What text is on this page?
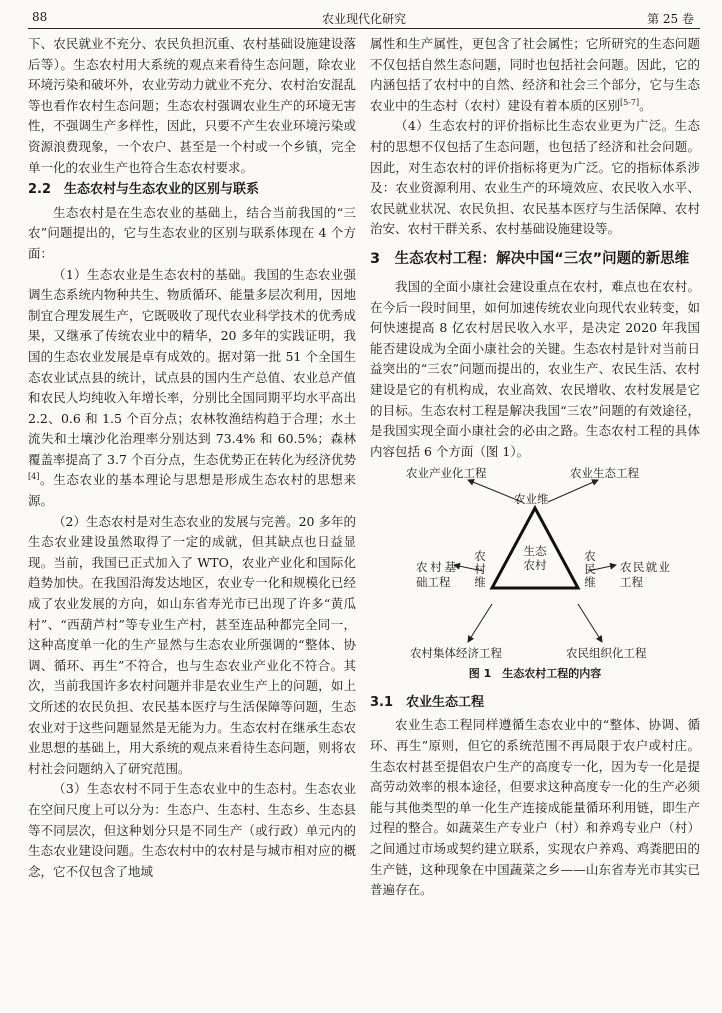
88	农业现代化研究	第 25 卷

下、农民就业不充分、农民负担沉重、农村基础设施建设落后等）。生态农村用大系统的观点来看待生态问题，除农业环境污染和破坏外，农业劳动力就业不充分、农村治安混乱等也看作农村生态问题；生态农村强调农业生产的环境无害性，不强调生产多样性，因此，只要不产生农业环境污染或资源浪费现象，一个农户、甚至是一个村或一个乡镇，完全单一化的农业生产也符合生态农村要求。

2.2　生态农村与生态农业的区别与联系

生态农村是在生态农业的基础上，结合当前我国的“三农”问题提出的，它与生态农业的区别与联系体现在 4 个方面：

（1）生态农业是生态农村的基础。我国的生态农业强调生态系统内物种共生、物质循环、能量多层次利用，因地制宜合理发展生产，它既吸收了现代农业科学技术的优秀成果，又继承了传统农业中的精华，20 多年的实践证明，我国的生态农业发展是卓有成效的。据对第一批 51 个全国生态农业试点县的统计，试点县的国内生产总值、农业总产值和农民人均纯收入年增长率，分别比全国同期平均水平高出 2.2、0.6 和 1.5 个百分点；农林牧渔结构趋于合理；水土流失和土壤沙化治理率分别达到 73.4% 和 60.5%；森林覆盖率提高了 3.7 个百分点，生态优势正在转化为经济优势[4]。生态农业的基本理论与思想是形成生态农村的思想来源。

（2）生态农村是对生态农业的发展与完善。20 多年的生态农业建设虽然取得了一定的成就，但其缺点也日益显现。当前，我国已正式加入了 WTO，农业产业化和国际化趋势加快。在我国沿海发达地区，农业专一化和规模化已经成了农业发展的方向，如山东省寿光市已出现了许多“黄瓜村”、“西葫芦村”等专业生产村，甚至连品种都完全同一，这种高度单一化的生产显然与生态农业所强调的“整体、协调、循环、再生”不符合，也与生态农业产业化不符合。其次，当前我国许多农村问题并非是农业生产上的问题，如上文所述的农民负担、农民基本医疗与生活保障等问题，生态农业对于这些问题显然是无能为力。生态农村在继承生态农业思想的基础上，用大系统的观点来看待生态问题，则将农村社会问题纳入了研究范围。

（3）生态农村不同于生态农业中的生态村。生态农业在空间尺度上可以分为：生态户、生态村、生态乡、生态县等不同层次，但这种划分只是不同生产（或行政）单元内的生态农业建设问题。生态农村中的农村是与城市相对应的概念，它不仅包含了地域

属性和生产属性，更包含了社会属性；它所研究的生态问题不仅包括自然生态问题，同时也包括社会问题。因此，它的内涵包括了农村中的自然、经济和社会三个部分，它与生态农业中的生态村（农村）建设有着本质的区别[5-7]。

（4）生态农村的评价指标比生态农业更为广泛。生态村的思想不仅包括了生态问题，也包括了经济和社会问题。因此，对生态农村的评价指标将更为广泛。它的指标体系涉及：农业资源利用、农业生产的环境效应、农民收入水平、农民就业状况、农民负担、农民基本医疗与生活保障、农村治安、农村干群关系、农村基础设施建设等。

3　生态农村工程：解决中国“三农”问题的新思维

我国的全面小康社会建设重点在农村，难点也在农村。在今后一段时间里，如何加速传统农业向现代农业转变，如何快速提高 8 亿农村居民收入水平，是决定 2020 年我国能否建设成为全面小康社会的关键。生态农村是针对当前日益突出的“三农”问题而提出的，农业生产、农民生活、农村建设是它的有机构成，农业高效、农民增收、农村发展是它的目标。生态农村工程是解决我国“三农”问题的有效途径，是我国实现全面小康社会的必由之路。生态农村工程的具体内容包括 6 个方面（图 1）。

农业产业化工程	农业生态工程
农业维
生态农村
农村维
农民维
农村基础工程
农民就业工程
农村集体经济工程	农民组织化工程
图 1　生态农村工程的内容
3.1　农业生态工程

农业生态工程同样遵循生态农业中的“整体、协调、循环、再生”原则，但它的系统范围不再局限于农户或村庄。生态农村甚至提倡农户生产的高度专一化，因为专一化是提高劳动效率的根本途径，但要求这种高度专一化的生产必须能与其他类型的单一化生产连接成能量循环利用链，即生产过程的整合。如蔬菜生产专业户（村）和养鸡专业户（村）之间通过市场或契约建立联系，实现农户养鸡、鸡粪肥田的生产链，这种现象在中国蔬菜之乡——山东省寿光市其实已普遍存在。
